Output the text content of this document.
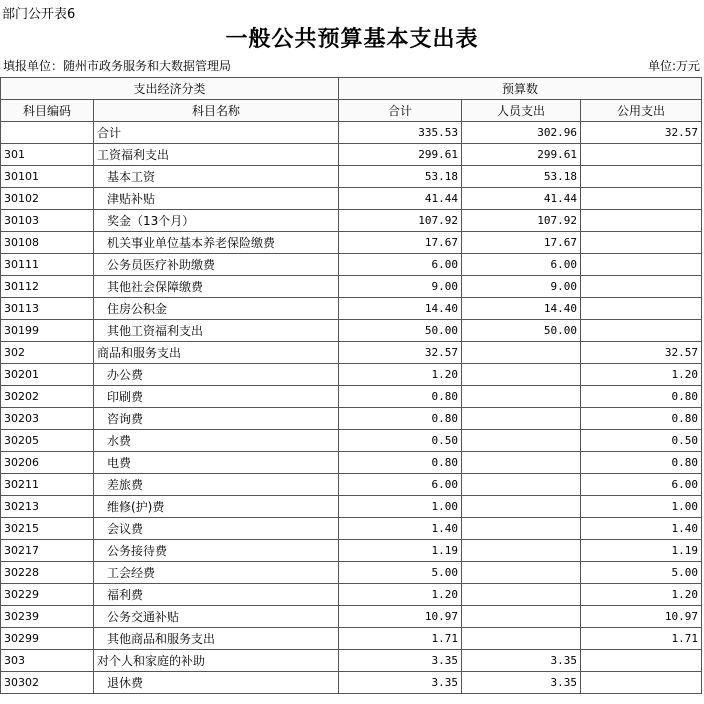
部门公开表6
一般公共预算基本支出表
填报单位：随州市政务服务和大数据管理局	单位:万元
支出经济分类		预算数		
科目编码	科目名称	合计	人员支出	公用支出
	合计	335.53	302.96	32.57
301	工资福利支出	299.61	299.61	
30101	基本工资	53.18	53.18	
30102	津贴补贴	41.44	41.44	
30103	奖金（13个月）	107.92	107.92	
30108	机关事业单位基本养老保险缴费	17.67	17.67	
30111	公务员医疗补助缴费	6.00	6.00	
30112	其他社会保障缴费	9.00	9.00	
30113	住房公积金	14.40	14.40	
30199	其他工资福利支出	50.00	50.00	
302	商品和服务支出	32.57		32.57
30201	办公费	1.20		1.20
30202	印刷费	0.80		0.80
30203	咨询费	0.80		0.80
30205	水费	0.50		0.50
30206	电费	0.80		0.80
30211	差旅费	6.00		6.00
30213	维修(护)费	1.00		1.00
30215	会议费	1.40		1.40
30217	公务接待费	1.19		1.19
30228	工会经费	5.00		5.00
30229	福利费	1.20		1.20
30239	公务交通补贴	10.97		10.97
30299	其他商品和服务支出	1.71		1.71
303	对个人和家庭的补助	3.35	3.35	
30302	退休费	3.35	3.35	
